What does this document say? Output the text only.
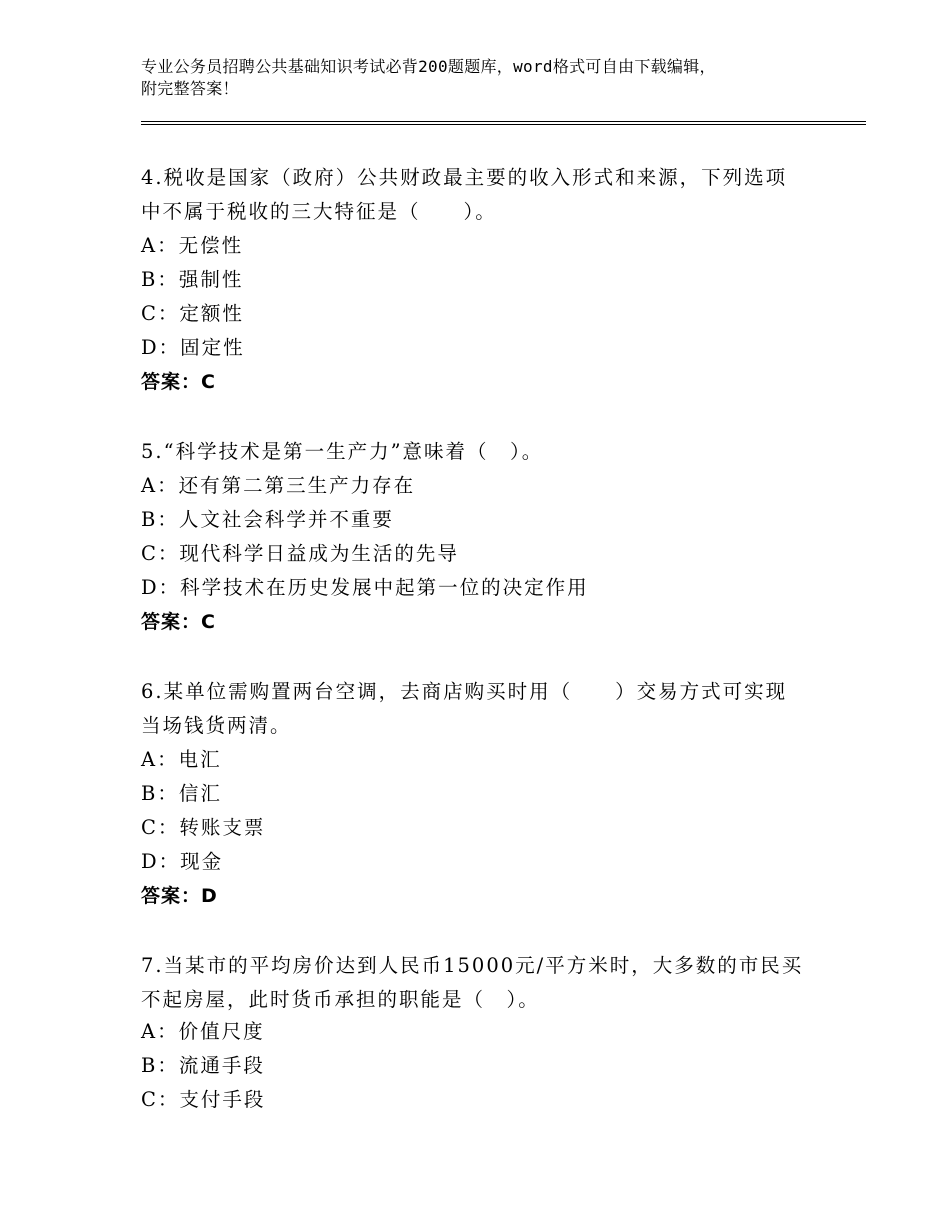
专业公务员招聘公共基础知识考试必背200题题库，word格式可自由下载编辑，
附完整答案！
4.税收是国家（政府）公共财政最主要的收入形式和来源，下列选项
中不属于税收的三大特征是（　　）。
A：无偿性
B：强制性
C：定额性
D：固定性
答案：C
5.“科学技术是第一生产力”意味着（　）。
A：还有第二第三生产力存在
B：人文社会科学并不重要
C：现代科学日益成为生活的先导
D：科学技术在历史发展中起第一位的决定作用
答案：C
6.某单位需购置两台空调，去商店购买时用（　　）交易方式可实现
当场钱货两清。
A：电汇
B：信汇
C：转账支票
D：现金
答案：D
7.当某市的平均房价达到人民币15000元/平方米时，大多数的市民买
不起房屋，此时货币承担的职能是（　）。
A：价值尺度
B：流通手段
C：支付手段
